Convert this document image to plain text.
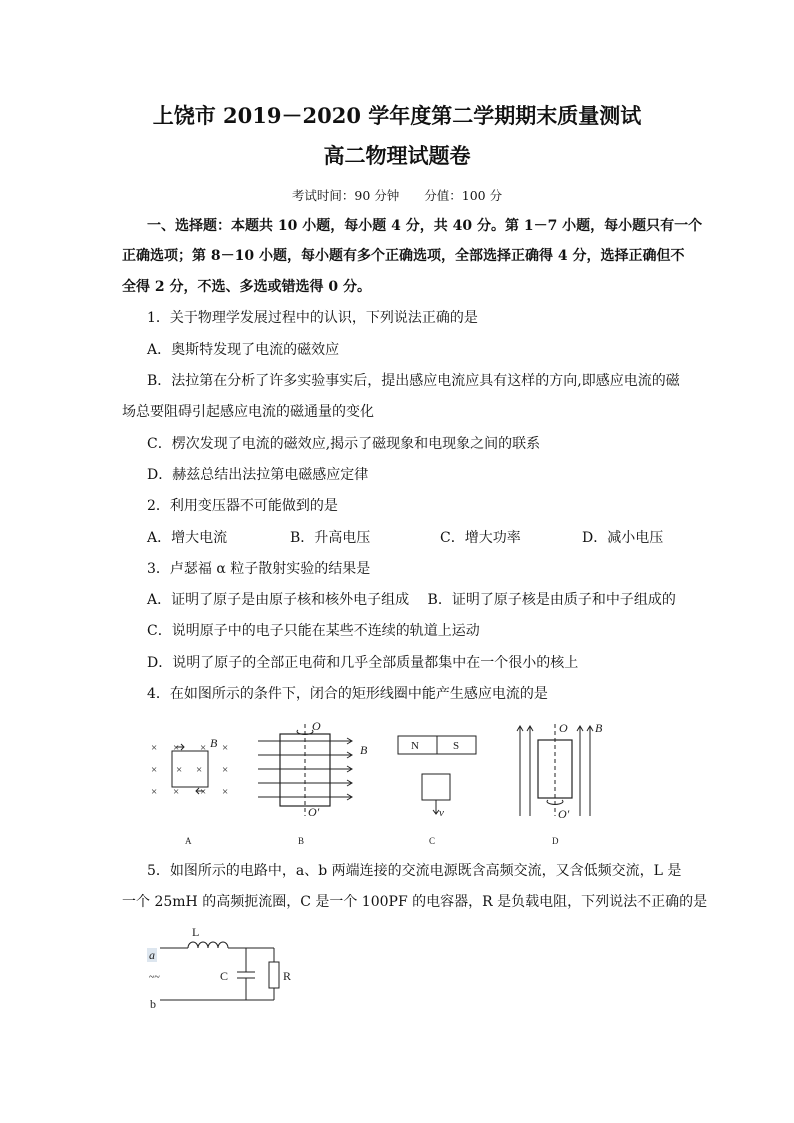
上饶市 2019－2020 学年度第二学期期末质量测试
高二物理试题卷
考试时间：90 分钟　　分值：100 分
一、选择题：本题共 10 小题，每小题 4 分，共 40 分。第 1－7 小题，每小题只有一个
正确选项；第 8－10 小题，每小题有多个正确选项，全部选择正确得 4 分，选择正确但不
全得 2 分，不选、多选或错选得 0 分。
1．关于物理学发展过程中的认识，下列说法正确的是
A．奥斯特发现了电流的磁效应
B．法拉第在分析了许多实验事实后，提出感应电流应具有这样的方向,即感应电流的磁
场总要阻碍引起感应电流的磁通量的变化
C．楞次发现了电流的磁效应,揭示了磁现象和电现象之间的联系
D．赫兹总结出法拉第电磁感应定律
2．利用变压器不可能做到的是
A．增大电流	B．升高电压	C．增大功率	D．减小电压
3．卢瑟福 α 粒子散射实验的结果是
A．证明了原子是由原子核和核外电子组成　 B．证明了原子核是由质子和中子组成的
C．说明原子中的电子只能在某些不连续的轨道上运动
D．说明了原子的全部正电荷和几乎全部质量都集中在一个很小的核上
4．在如图所示的条件下，闭合的矩形线圈中能产生感应电流的是
×
×
×
×
×
×
× ×
× ×
× ×
B
O
O′
B	N	S
v
O
O′
B
A	B	C	D
5．如图所示的电路中，a、b 两端连接的交流电源既含高频交流，又含低频交流，L 是
一个 25mH 的高频扼流圈，C 是一个 100PF 的电容器，R 是负载电阻，下列说法不正确的是
a
~~
b
L
C	R
